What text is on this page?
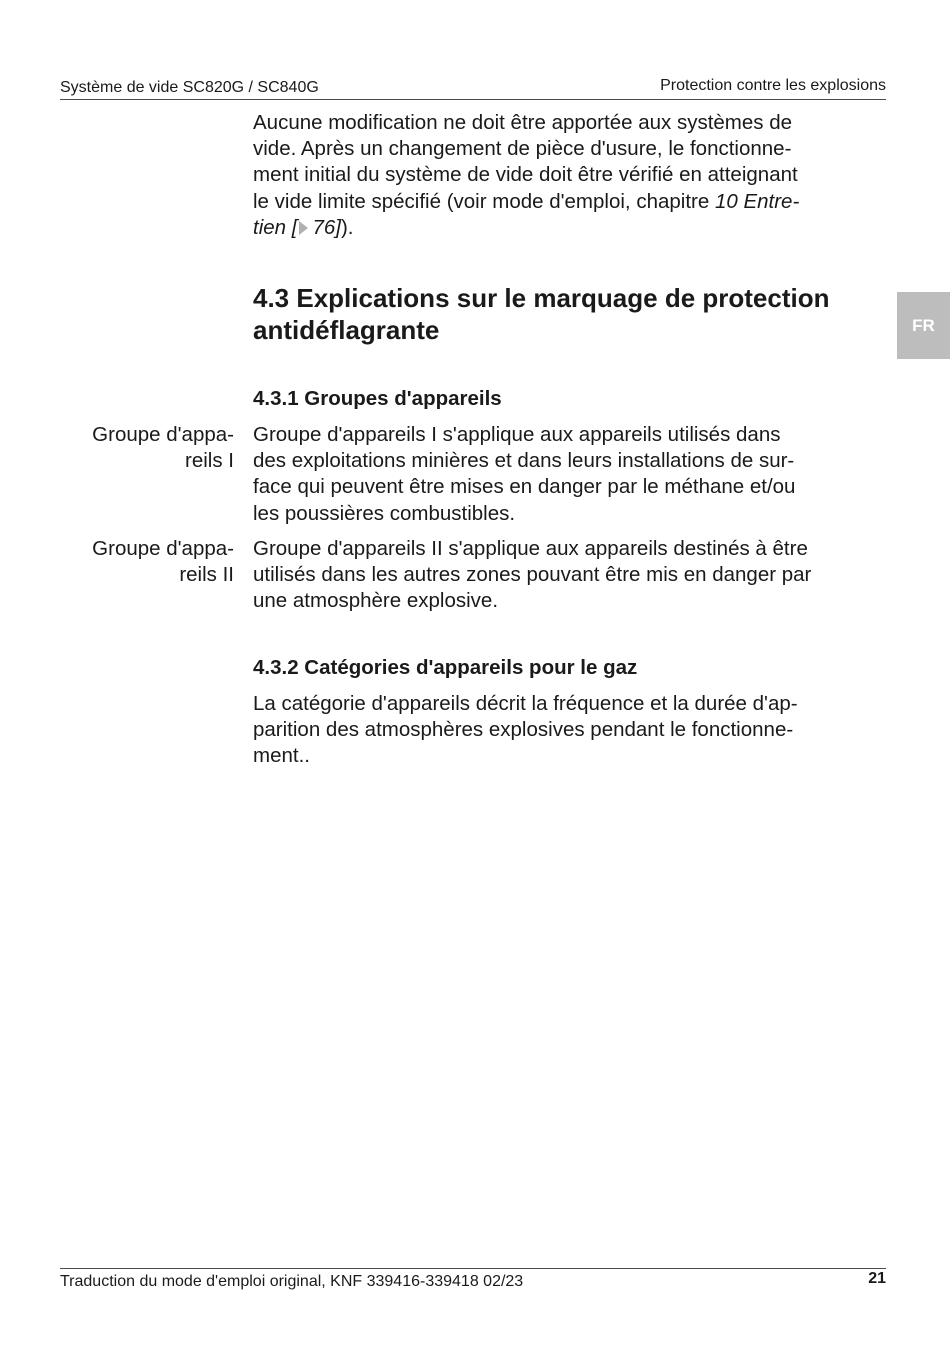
Système de vide SC820G / SC840G	Protection contre les explosions
FR

Aucune modification ne doit être apportée aux systèmes de

vide. Après un changement de pièce d'usure, le fonctionne-

ment initial du système de vide doit être vérifié en atteignant

le vide limite spécifié (voir mode d'emploi, chapitre 10 Entre-

tien [ 76]).

4.3 Explications sur le marquage de protection

antidéflagrante

4.3.1 Groupes d'appareils
Groupe d'appa-
reils I

Groupe d'appareils I s'applique aux appareils utilisés dans

des exploitations minières et dans leurs installations de sur-

face qui peuvent être mises en danger par le méthane et/ou

les poussières combustibles.

Groupe d'appa-
reils II

Groupe d'appareils II s'applique aux appareils destinés à être

utilisés dans les autres zones pouvant être mis en danger par

une atmosphère explosive.

4.3.2 Catégories d'appareils pour le gaz

La catégorie d'appareils décrit la fréquence et la durée d'ap-

parition des atmosphères explosives pendant le fonctionne-

ment..

Traduction du mode d'emploi original, KNF 339416-339418 02/23	21
